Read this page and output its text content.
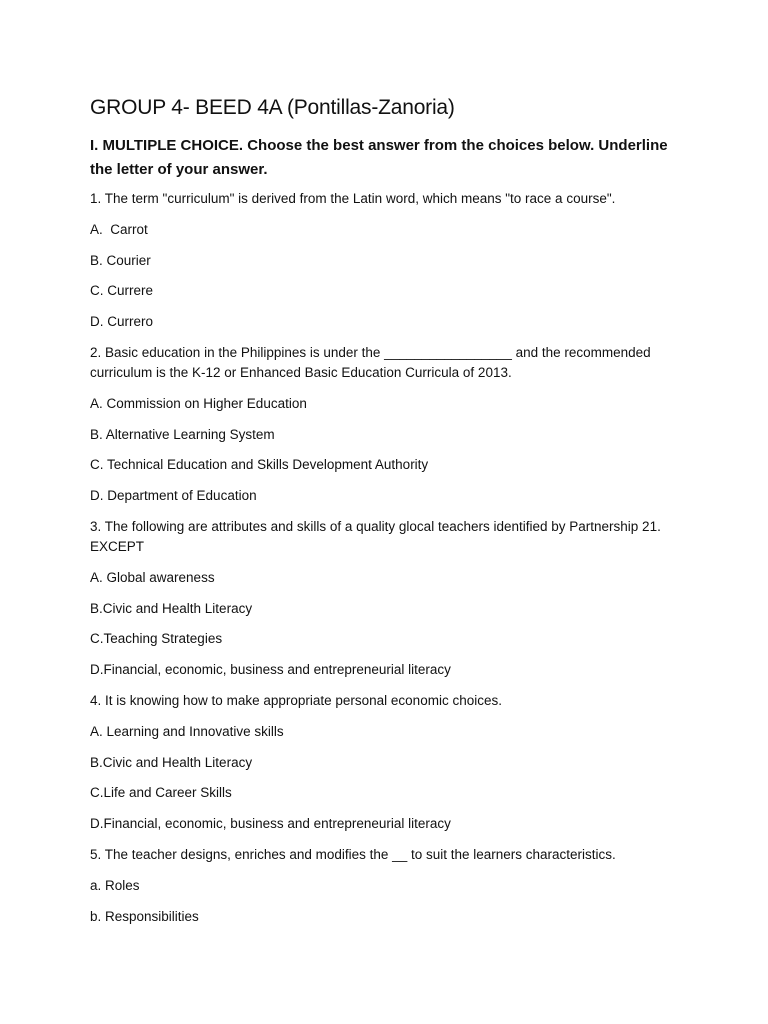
GROUP 4- BEED 4A (Pontillas-Zanoria)
I. MULTIPLE CHOICE. Choose the best answer from the choices below. Underline the letter of your answer.
1. The term "curriculum" is derived from the Latin word, which means "to race a course".
A.  Carrot
B. Courier
C. Currere
D. Currero
2. Basic education in the Philippines is under the _________________ and the recommended curriculum is the K-12 or Enhanced Basic Education Curricula of 2013.
A. Commission on Higher Education
B. Alternative Learning System
C. Technical Education and Skills Development Authority
D. Department of Education
3. The following are attributes and skills of a quality glocal teachers identified by Partnership 21. EXCEPT
A. Global awareness
B.Civic and Health Literacy
C.Teaching Strategies
D.Financial, economic, business and entrepreneurial literacy
4. It is knowing how to make appropriate personal economic choices.
A. Learning and Innovative skills
B.Civic and Health Literacy
C.Life and Career Skills
D.Financial, economic, business and entrepreneurial literacy
5. The teacher designs, enriches and modifies the __ to suit the learners characteristics.
a. Roles
b. Responsibilities
